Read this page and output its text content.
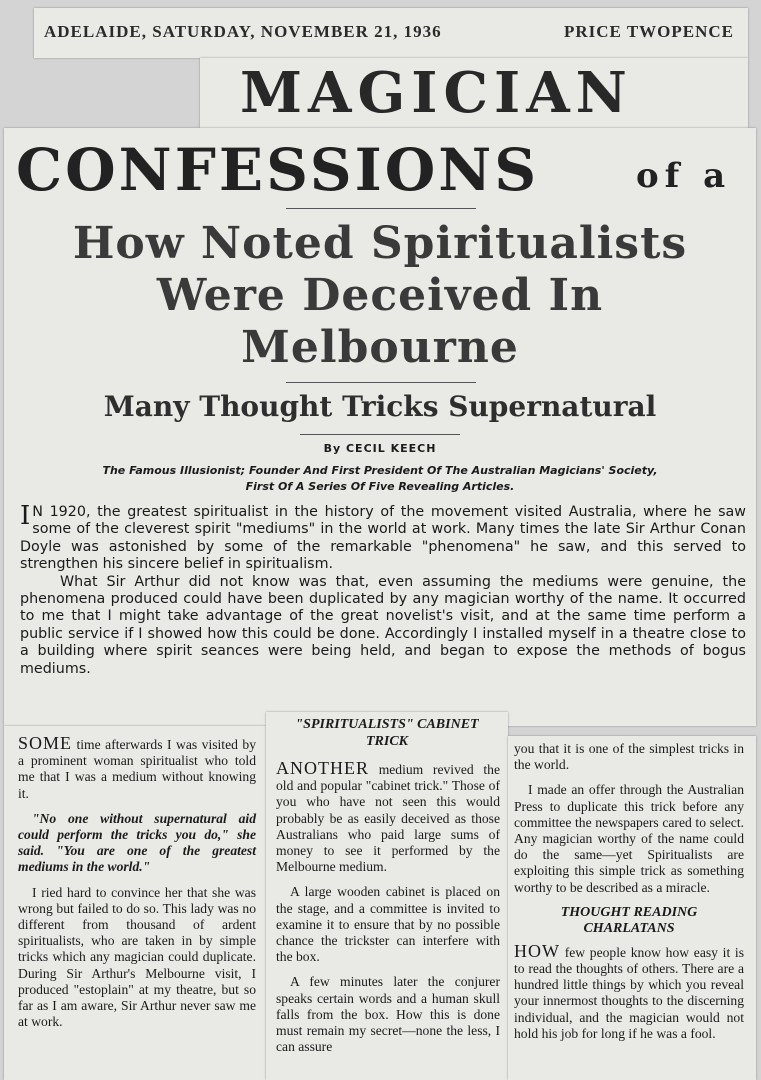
ADELAIDE, SATURDAY, NOVEMBER 21, 1936	PRICE TWOPENCE
MAGICIAN
CONFESSIONS	of a
How Noted Spiritualists
Were Deceived In
Melbourne
Many Thought Tricks Supernatural
By CECIL KEECH
The Famous Illusionist; Founder And First President Of The Australian Magicians' Society,
First Of A Series Of Five Revealing Articles.

I N 1920, the greatest spiritualist in the history of the movement visited Australia, where he saw some of the cleverest spirit "mediums" in the world at work. Many times the late Sir Arthur Conan Doyle was astonished by some of the remarkable "phenomena" he saw, and this served to strengthen his sincere belief in spiritualism.

What Sir Arthur did not know was that, even assuming the mediums were genuine, the phenomena produced could have been duplicated by any magician worthy of the name. It occurred to me that I might take advantage of the great novelist's visit, and at the same time perform a public service if I showed how this could be done. Accordingly I installed myself in a theatre close to a building where spirit seances were being held, and began to expose the methods of bogus mediums.

SOME time afterwards I was visited by a prominent woman spiritualist who told me that I was a medium without knowing it.

"No one without supernatural aid could perform the tricks you do," she said. "You are one of the greatest mediums in the world."

I ried hard to convince her that she was wrong but failed to do so. This lady was no different from thousand of ardent spiritualists, who are taken in by simple tricks which any magician could duplicate. During Sir Arthur's Melbourne visit, I produced "estoplain" at my theatre, but so far as I am aware, Sir Arthur never saw me at work.

"SPIRITUALISTS" CABINET
TRICK

ANOTHER medium revived the old and popular "cabinet trick." Those of you who have not seen this would probably be as easily deceived as those Australians who paid large sums of money to see it performed by the Melbourne medium.

A large wooden cabinet is placed on the stage, and a committee is invited to examine it to ensure that by no possible chance the trickster can interfere with the box.

A few minutes later the conjurer speaks certain words and a human skull falls from the box. How this is done must remain my secret—none the less, I can assure

you that it is one of the simplest tricks in the world.

I made an offer through the Australian Press to duplicate this trick before any committee the newspapers cared to select. Any magician worthy of the name could do the same—yet Spiritualists are exploiting this simple trick as something worthy to be described as a miracle.

THOUGHT READING
CHARLATANS

HOW few people know how easy it is to read the thoughts of others. There are a hundred little things by which you reveal your innermost thoughts to the discerning individual, and the magician would not hold his job for long if he was a fool.
